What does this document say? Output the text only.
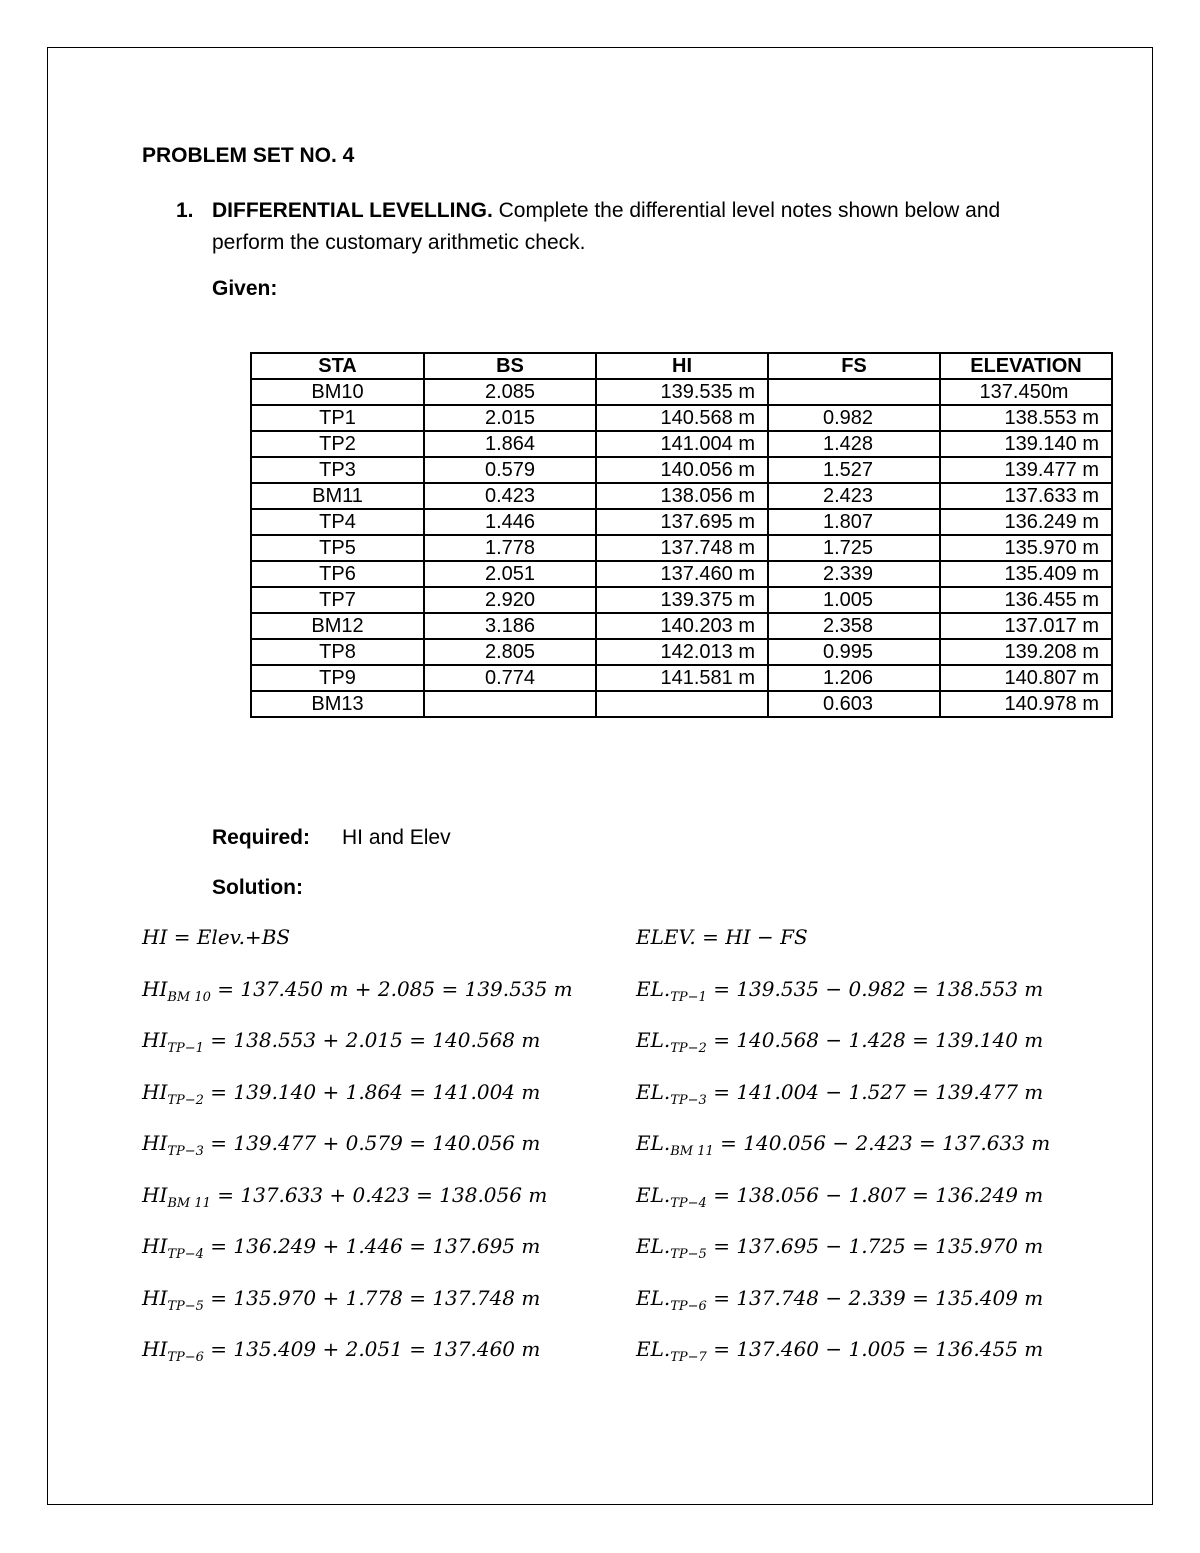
PROBLEM SET NO. 4
1. DIFFERENTIAL LEVELLING. Complete the differential level notes shown below and perform the customary arithmetic check.
Given:
STA	BS	HI	FS	ELEVATION
BM10	2.085	139.535 m		137.450m
TP1	2.015	140.568 m	0.982	138.553 m
TP2	1.864	141.004 m	1.428	139.140 m
TP3	0.579	140.056 m	1.527	139.477 m
BM11	0.423	138.056 m	2.423	137.633 m
TP4	1.446	137.695 m	1.807	136.249 m
TP5	1.778	137.748 m	1.725	135.970 m
TP6	2.051	137.460 m	2.339	135.409 m
TP7	2.920	139.375 m	1.005	136.455 m
BM12	3.186	140.203 m	2.358	137.017 m
TP8	2.805	142.013 m	0.995	139.208 m
TP9	0.774	141.581 m	1.206	140.807 m
BM13			0.603	140.978 m
Required: HI and Elev
Solution:
HI = Elev.+BS
$HI_{BM 10} = 137.450$ m + 2.085 = 139.535 m
$HI_{TP-1} = 138.553 + 2.015 = 140.568$ m
$HI_{TP-2} = 139.140 + 1.864 = 141.004$ m
$HI_{TP-3} = 139.477 + 0.579 = 140.056$ m
$HI_{BM 11} = 137.633 + 0.423 = 138.056$ m
$HI_{TP-4} = 136.249 + 1.446 = 137.695$ m
$HI_{TP-5} = 135.970 + 1.778 = 137.748$ m
$HI_{TP-6} = 135.409 + 2.051 = 137.460$ m
ELEV. = HI − FS
$EL._{TP-1} = 139.535 - 0.982 = 138.553$ m
$EL._{TP-2} = 140.568 - 1.428 = 139.140$ m
$EL._{TP-3} = 141.004 - 1.527 = 139.477$ m
$EL._{BM 11} = 140.056 - 2.423 = 137.633$ m
$EL._{TP-4} = 138.056 - 1.807 = 136.249$ m
$EL._{TP-5} = 137.695 - 1.725 = 135.970$ m
$EL._{TP-6} = 137.748 - 2.339 = 135.409$ m
$EL._{TP-7} = 137.460 - 1.005 = 136.455$ m
